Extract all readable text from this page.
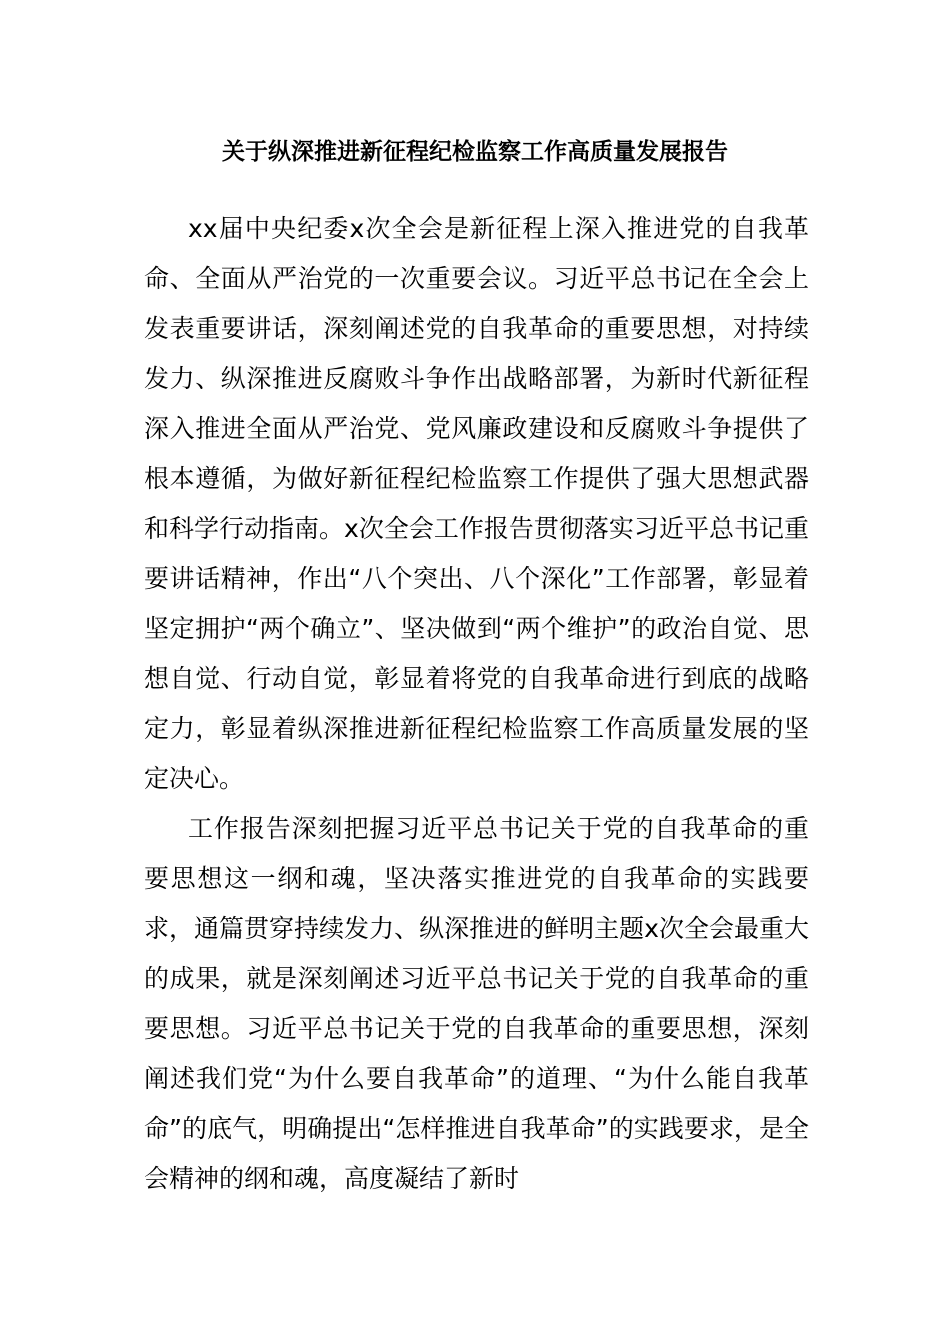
关于纵深推进新征程纪检监察工作高质量发展报告

xx届中央纪委x次全会是新征程上深入推进党的自我革命、全面从严治党的一次重要会议。习近平总书记在全会上发表重要讲话，深刻阐述党的自我革命的重要思想，对持续发力、纵深推进反腐败斗争作出战略部署，为新时代新征程深入推进全面从严治党、党风廉政建设和反腐败斗争提供了根本遵循，为做好新征程纪检监察工作提供了强大思想武器和科学行动指南。x次全会工作报告贯彻落实习近平总书记重要讲话精神，作出“八个突出、八个深化”工作部署，彰显着坚定拥护“两个确立”、坚决做到“两个维护”的政治自觉、思想自觉、行动自觉，彰显着将党的自我革命进行到底的战略定力，彰显着纵深推进新征程纪检监察工作高质量发展的坚定决心。

工作报告深刻把握习近平总书记关于党的自我革命的重要思想这一纲和魂，坚决落实推进党的自我革命的实践要求，通篇贯穿持续发力、纵深推进的鲜明主题x次全会最重大的成果，就是深刻阐述习近平总书记关于党的自我革命的重要思想。习近平总书记关于党的自我革命的重要思想，深刻阐述我们党“为什么要自我革命”的道理、“为什么能自我革命”的底气，明确提出“怎样推进自我革命”的实践要求，是全会精神的纲和魂，高度凝结了新时
